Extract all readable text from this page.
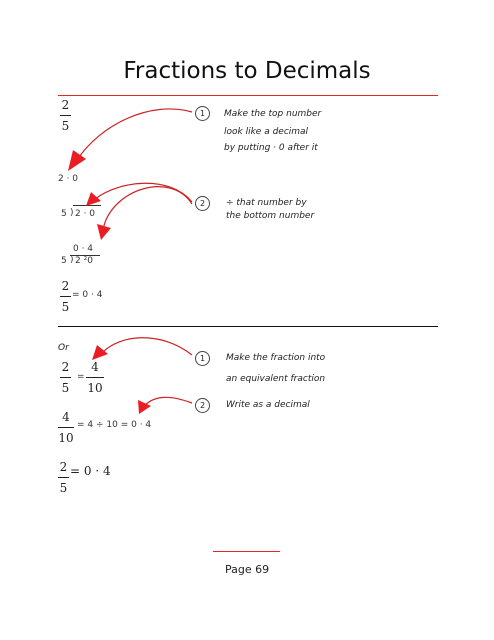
Fractions to Decimals
2
5
1	Make the top number
look like a decimal
by putting · 0 after it
2 · 0
2	÷ that number by
the bottom number
5 ) 2 · 0
0 · 4
5 ) 2 ²0
2
5
= 0 · 4
Or
2
5
=
4
10
1	Make the fraction into
an equivalent fraction
2	Write as a decimal
4
10
= 4 ÷ 10 = 0 · 4
2
5
= 0 · 4
Page 69
